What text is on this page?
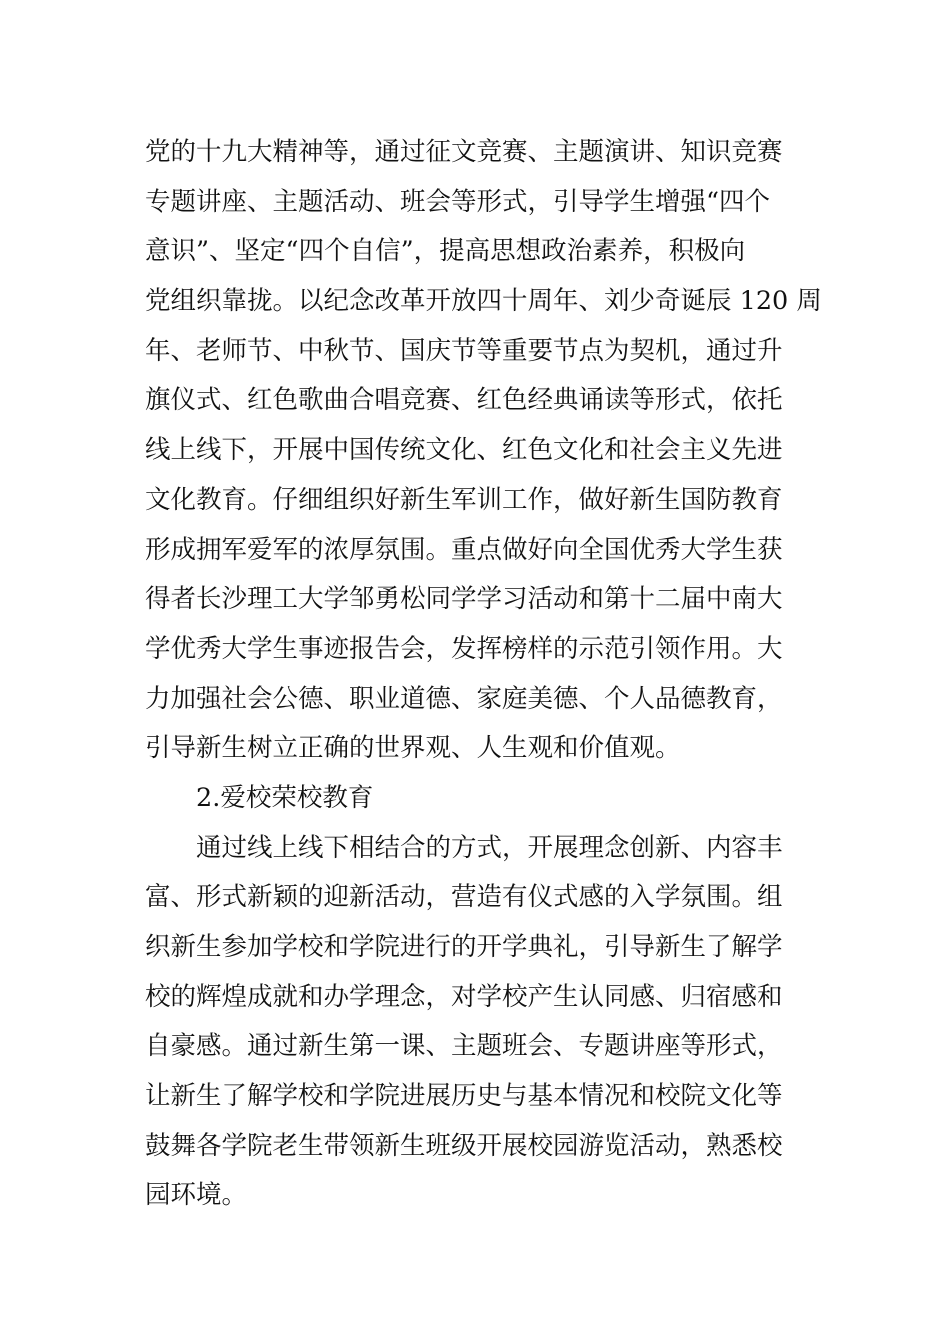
党的十九大精神等，通过征文竞赛、主题演讲、知识竞赛
专题讲座、主题活动、班会等形式，引导学生增强“四个
意识”、坚定“四个自信”，提高思想政治素养，积极向
党组织靠拢。以纪念改革开放四十周年、刘少奇诞辰 120 周
年、老师节、中秋节、国庆节等重要节点为契机，通过升
旗仪式、红色歌曲合唱竞赛、红色经典诵读等形式，依托
线上线下，开展中国传统文化、红色文化和社会主义先进
文化教育。仔细组织好新生军训工作，做好新生国防教育
形成拥军爱军的浓厚氛围。重点做好向全国优秀大学生获
得者长沙理工大学邹勇松同学学习活动和第十二届中南大
学优秀大学生事迹报告会，发挥榜样的示范引领作用。大
力加强社会公德、职业道德、家庭美德、个人品德教育，
引导新生树立正确的世界观、人生观和价值观。
2.爱校荣校教育
通过线上线下相结合的方式，开展理念创新、内容丰
富、形式新颖的迎新活动，营造有仪式感的入学氛围。组
织新生参加学校和学院进行的开学典礼，引导新生了解学
校的辉煌成就和办学理念，对学校产生认同感、归宿感和
自豪感。通过新生第一课、主题班会、专题讲座等形式，
让新生了解学校和学院进展历史与基本情况和校院文化等
鼓舞各学院老生带领新生班级开展校园游览活动，熟悉校
园环境。
